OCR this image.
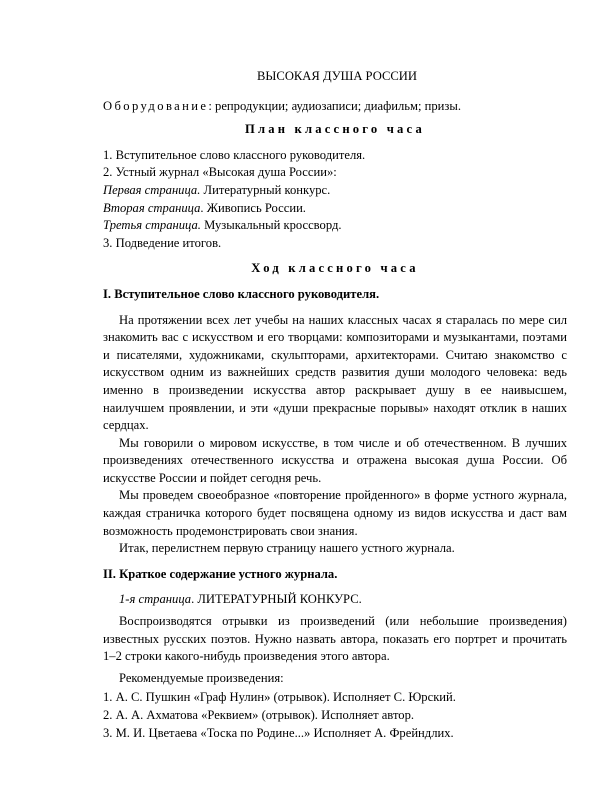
ВЫСОКАЯ ДУША РОССИИ

Оборудование: репродукции; аудиозаписи; диафильм; призы.

План классного часа

1. Вступительное слово классного руководителя.

2. Устный журнал «Высокая душа России»:

Первая страница. Литературный конкурс.

Вторая страница. Живопись России.

Третья страница. Музыкальный кроссворд.

3. Подведение итогов.

Ход классного часа
I. Вступительное слово классного руководителя.

На протяжении всех лет учебы на наших классных часах я старалась по мере сил знакомить вас с искусством и его творцами: композиторами и музыкантами, поэтами и писателями, художниками, скульпторами, архитекторами. Считаю знакомство с искусством одним из важнейших средств развития души молодого человека: ведь именно в произведении искусства автор раскрывает душу в ее наивысшем, наилучшем проявлении, и эти «души прекрасные порывы» находят отклик в наших сердцах.

Мы говорили о мировом искусстве, в том числе и об отечественном. В лучших произведениях отечественного искусства и отражена высокая душа России. Об искусстве России и пойдет сегодня речь.

Мы проведем своеобразное «повторение пройденного» в форме устного журнала, каждая страничка которого будет посвящена одному из видов искусства и даст вам возможность продемонстрировать свои знания.

Итак, перелистнем первую страницу нашего устного журнала.

II. Краткое содержание устного журнала.

1-я страница. ЛИТЕРАТУРНЫЙ КОНКУРС.

Воспроизводятся отрывки из произведений (или небольшие произведения) известных русских поэтов. Нужно назвать автора, показать его портрет и прочитать 1–2 строки какого-нибудь произведения этого автора.

Рекомендуемые произведения:

1. А. С. Пушкин «Граф Нулин» (отрывок). Исполняет С. Юрский.

2. А. А. Ахматова «Реквием» (отрывок). Исполняет автор.

3. М. И. Цветаева «Тоска по Родине...» Исполняет А. Фрейндлих.
